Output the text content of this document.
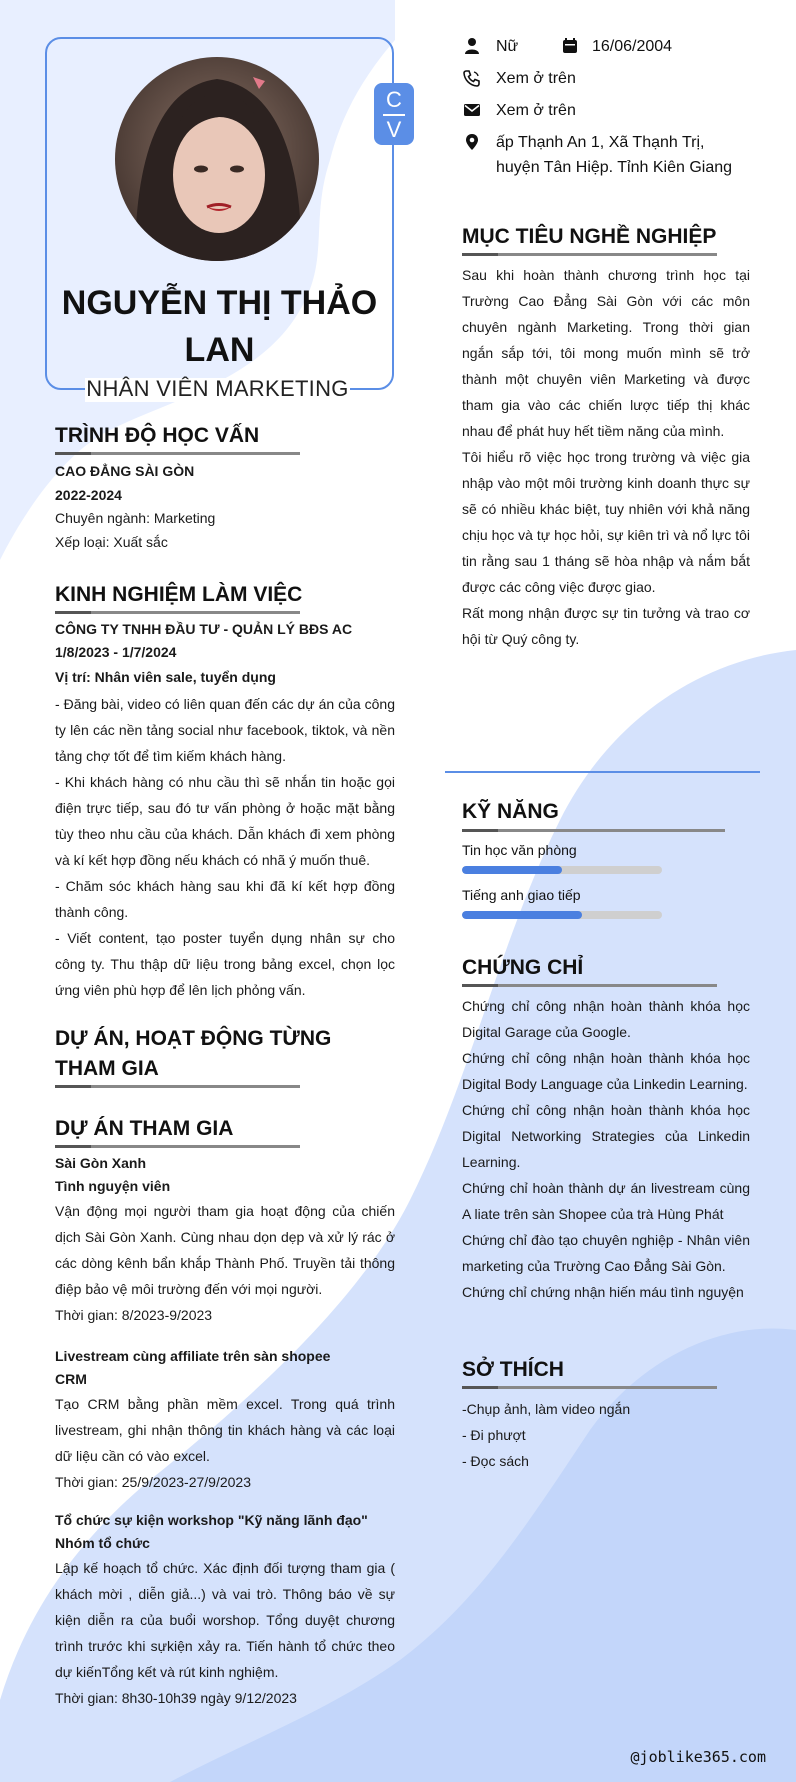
C
V
NGUYỄN THỊ THẢO LAN
NHÂN VIÊN MARKETING
Nữ	16/06/2004
Xem ở trên
Xem ở trên
ấp Thạnh An 1, Xã Thạnh Trị,
huyện Tân Hiệp. Tỉnh Kiên Giang
MỤC TIÊU NGHỀ NGHIỆP

Sau khi hoàn thành chương trình học tại Trường Cao Đẳng Sài Gòn với các môn chuyên ngành Marketing. Trong thời gian ngắn sắp tới, tôi mong muốn mình sẽ trở thành một chuyên viên Marketing và được tham gia vào các chiến lược tiếp thị khác nhau để phát huy hết tiềm năng của mình.

Tôi hiểu rõ việc học trong trường và việc gia nhập vào một môi trường kinh doanh thực sự sẽ có nhiều khác biệt, tuy nhiên với khả năng chịu học và tự học hỏi, sự kiên trì và nổ lực tôi tin rằng sau 1 tháng sẽ hòa nhập và nắm bắt được các công việc được giao.

Rất mong nhận được sự tin tưởng và trao cơ hội từ Quý công ty.

TRÌNH ĐỘ HỌC VẤN
CAO ĐẲNG SÀI GÒN
2022-2024
Chuyên ngành: Marketing
Xếp loại: Xuất sắc
KINH NGHIỆM LÀM VIỆC
CÔNG TY TNHH ĐẦU TƯ - QUẢN LÝ BĐS AC
1/8/2023 - 1/7/2024
Vị trí: Nhân viên sale, tuyển dụng

- Đăng bài, video có liên quan đến các dự án của công ty lên các nền tảng social như facebook, tiktok, và nền tảng chợ tốt để tìm kiếm khách hàng.

- Khi khách hàng có nhu cầu thì sẽ nhắn tin hoặc gọi điện trực tiếp, sau đó tư vấn phòng ở hoặc mặt bằng tùy theo nhu cầu của khách. Dẫn khách đi xem phòng và kí kết hợp đồng nếu khách có nhã ý muốn thuê.

- Chăm sóc khách hàng sau khi đã kí kết hợp đồng thành công.

- Viết content, tạo poster tuyển dụng nhân sự cho công ty. Thu thập dữ liệu trong bảng excel, chọn lọc ứng viên phù hợp để lên lịch phỏng vấn.

DỰ ÁN, HOẠT ĐỘNG TỪNG
THAM GIA
DỰ ÁN THAM GIA
Sài Gòn Xanh
Tình nguyện viên

Vận động mọi người tham gia hoạt động của chiến dịch Sài Gòn Xanh. Cùng nhau dọn dẹp và xử lý rác ở các dòng kênh bẩn khắp Thành Phố. Truyền tải thông điệp bảo vệ môi trường đến với mọi người.

Thời gian: 8/2023-9/2023
Livestream cùng affiliate trên sàn shopee
CRM

Tạo CRM bằng phần mềm excel. Trong quá trình livestream, ghi nhận thông tin khách hàng và các loại dữ liệu cần có vào excel.

Thời gian: 25/9/2023-27/9/2023
Tổ chức sự kiện workshop "Kỹ năng lãnh đạo"
Nhóm tổ chức

Lập kế hoạch tổ chức. Xác định đối tượng tham gia ( khách mời , diễn giả...) và vai trò. Thông báo về sự kiện diễn ra của buổi worshop. Tổng duyệt chương trình trước khi sựkiện xảy ra. Tiến hành tổ chức theo dự kiếnTổng kết và rút kinh nghiệm.

Thời gian: 8h30-10h39 ngày 9/12/2023
KỸ NĂNG
Tin học văn phòng
Tiếng anh giao tiếp
CHỨNG CHỈ

Chứng chỉ công nhận hoàn thành khóa học Digital Garage của Google.

Chứng chỉ công nhận hoàn thành khóa học Digital Body Language của Linkedin Learning.

Chứng chỉ công nhận hoàn thành khóa học Digital Networking Strategies của Linkedin Learning.

Chứng chỉ hoàn thành dự án livestream cùng A liate trên sàn Shopee của trà Hùng Phát

Chứng chỉ đào tạo chuyên nghiệp - Nhân viên marketing của Trường Cao Đẳng Sài Gòn.

Chứng chỉ chứng nhận hiến máu tình nguyện

SỞ THÍCH
-Chụp ảnh, làm video ngắn
- Đi phượt
- Đọc sách
@joblike365.com
